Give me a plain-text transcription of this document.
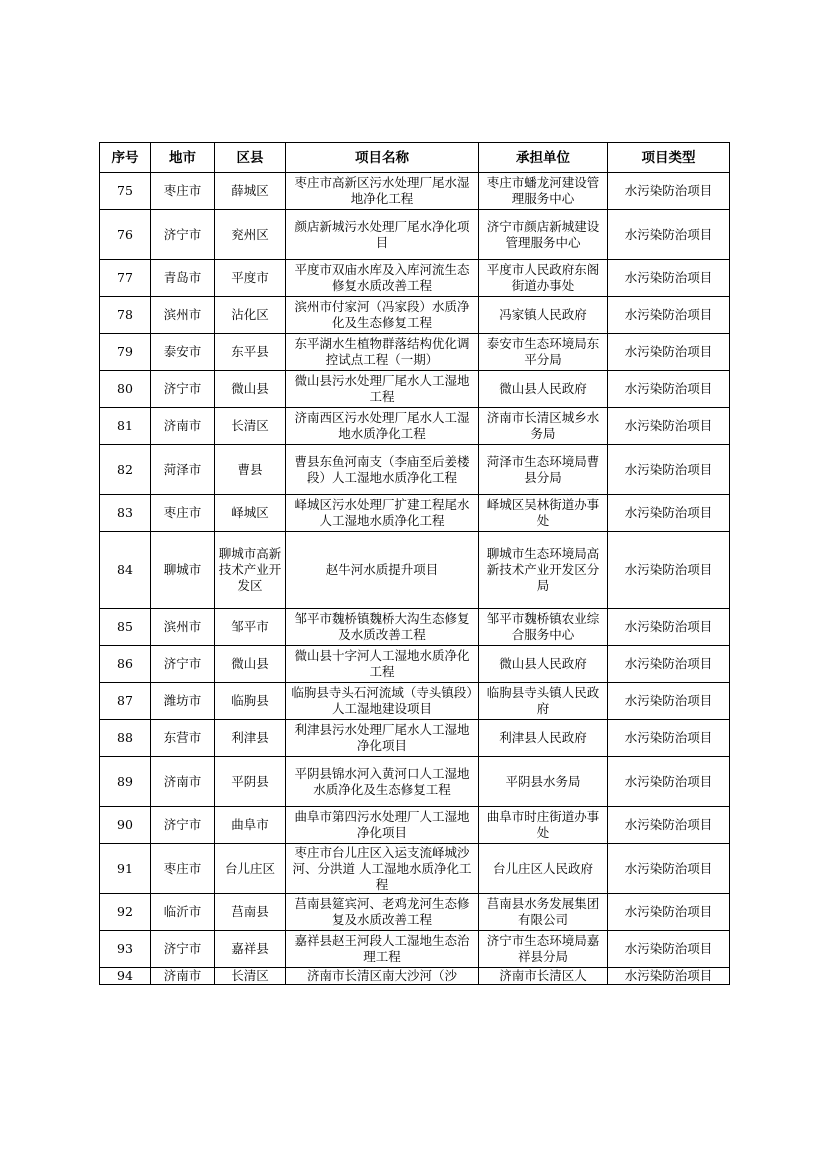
序号	地市	区县	项目名称	承担单位	项目类型
75	枣庄市	薛城区	枣庄市高新区污水处理厂尾水湿地净化工程	枣庄市蟠龙河建设管理服务中心	水污染防治项目
76	济宁市	兖州区	颜店新城污水处理厂尾水净化项目	济宁市颜店新城建设管理服务中心	水污染防治项目
77	青岛市	平度市	平度市双庙水库及入库河流生态修复水质改善工程	平度市人民政府东阁街道办事处	水污染防治项目
78	滨州市	沾化区	滨州市付家河（冯家段）水质净化及生态修复工程	冯家镇人民政府	水污染防治项目
79	泰安市	东平县	东平湖水生植物群落结构优化调控试点工程（一期）	泰安市生态环境局东平分局	水污染防治项目
80	济宁市	微山县	微山县污水处理厂尾水人工湿地工程	微山县人民政府	水污染防治项目
81	济南市	长清区	济南西区污水处理厂尾水人工湿地水质净化工程	济南市长清区城乡水务局	水污染防治项目
82	菏泽市	曹县	曹县东鱼河南支（李庙至后姜楼段）人工湿地水质净化工程	菏泽市生态环境局曹县分局	水污染防治项目
83	枣庄市	峄城区	峄城区污水处理厂扩建工程尾水人工湿地水质净化工程	峄城区吴林街道办事处	水污染防治项目
84	聊城市	聊城市高新技术产业开发区	赵牛河水质提升项目	聊城市生态环境局高新技术产业开发区分局	水污染防治项目
85	滨州市	邹平市	邹平市魏桥镇魏桥大沟生态修复及水质改善工程	邹平市魏桥镇农业综合服务中心	水污染防治项目
86	济宁市	微山县	微山县十字河人工湿地水质净化工程	微山县人民政府	水污染防治项目
87	潍坊市	临朐县	临朐县寺头石河流域（寺头镇段）人工湿地建设项目	临朐县寺头镇人民政府	水污染防治项目
88	东营市	利津县	利津县污水处理厂尾水人工湿地净化项目	利津县人民政府	水污染防治项目
89	济南市	平阴县	平阴县锦水河入黄河口人工湿地水质净化及生态修复工程	平阴县水务局	水污染防治项目
90	济宁市	曲阜市	曲阜市第四污水处理厂人工湿地净化项目	曲阜市时庄街道办事处	水污染防治项目
91	枣庄市	台儿庄区	枣庄市台儿庄区入运支流峄城沙河、分洪道 人工湿地水质净化工程	台儿庄区人民政府	水污染防治项目
92	临沂市	莒南县	莒南县筵宾河、老鸡龙河生态修复及水质改善工程	莒南县水务发展集团有限公司	水污染防治项目
93	济宁市	嘉祥县	嘉祥县赵王河段人工湿地生态治理工程	济宁市生态环境局嘉祥县分局	水污染防治项目
94	济南市	长清区	济南市长清区南大沙河（沙	济南市长清区人	水污染防治项目
